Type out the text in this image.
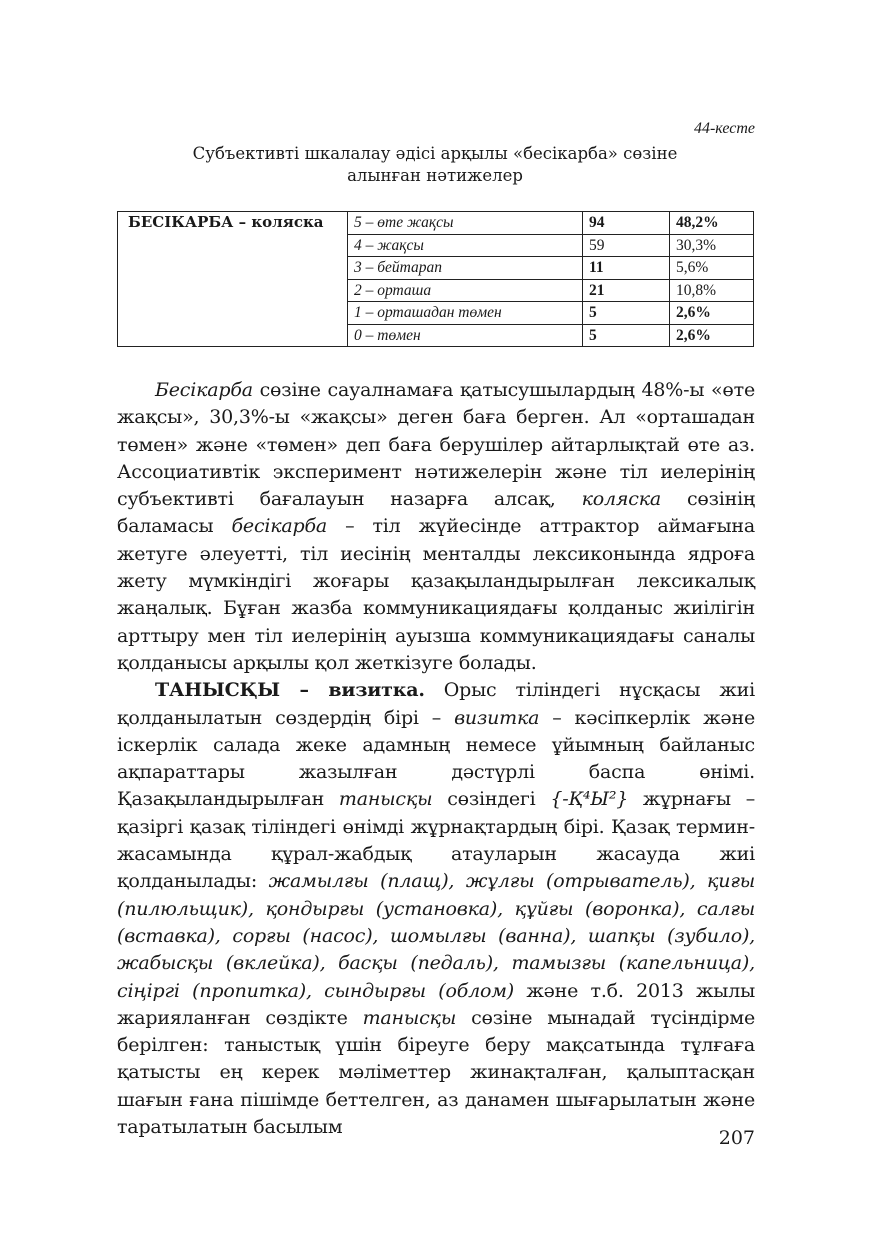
44-кесте
Субъективті шкалалау әдісі арқылы «бесікарба» сөзіне
алынған нәтижелер
БЕСІКАРБА – коляска	5 – өте жақсы	94	48,2%
	4 – жақсы	59	30,3%
	3 – бейтарап	11	5,6%
	2 – орташа	21	10,8%
	1 – орташадан төмен	5	2,6%
	0 – төмен	5	2,6%

Бесікарба сөзіне сауалнамаға қатысушылардың 48%-ы «өте жақсы», 30,3%-ы «жақсы» деген баға берген. Ал «орташадан төмен» және «төмен» деп баға берушілер айтарлықтай өте аз. Ассоциативтік эксперимент нәтижелерін және тіл иелерінің субъективті бағалауын назарға алсақ, коляска сөзінің баламасы бесікарба – тіл жүйесінде аттрактор аймағына жетуге әлеуетті, тіл иесінің менталды лексиконында ядроға жету мүмкіндігі жоғары қазақыландырылған лексикалық жаңалық. Бұған жазба коммуникациядағы қолданыс жиілігін арттыру мен тіл иелерінің ауызша коммуникациядағы саналы қолданысы арқылы қол жеткізуге болады.

ТАНЫСҚЫ – визитка. Орыс тіліндегі нұсқасы жиі қолданылатын сөздердің бірі – визитка – кәсіпкерлік және іскерлік салада жеке адамның немесе ұйымның байланыс ақпараттары жазылған дәстүрлі баспа өнімі. Қазақыландырылған танысқы сөзіндегі {-Қ⁴Ы²} жұрнағы – қазіргі қазақ тіліндегі өнімді жұрнақтардың бірі. Қазақ термин-жасамында құрал-жабдық атауларын жасауда жиі қолданылады: жамылғы (плащ), жұлғы (отрыватель), қиғы (пилюльщик), қондырғы (установка), құйғы (воронка), салғы (вставка), сорғы (насос), шомылғы (ванна), шапқы (зубило), жабысқы (вклейка), басқы (педаль), тамызғы (капельница), сіңіргі (пропитка), сындырғы (облом) және т.б. 2013 жылы жарияланған сөздікте танысқы сөзіне мынадай түсіндірме берілген: таныстық үшін біреуге беру мақсатында тұлғаға қатысты ең керек мәліметтер жинақталған, қалыптасқан шағын ғана пішімде беттелген, аз данамен шығарылатын және таратылатын басылым	207
